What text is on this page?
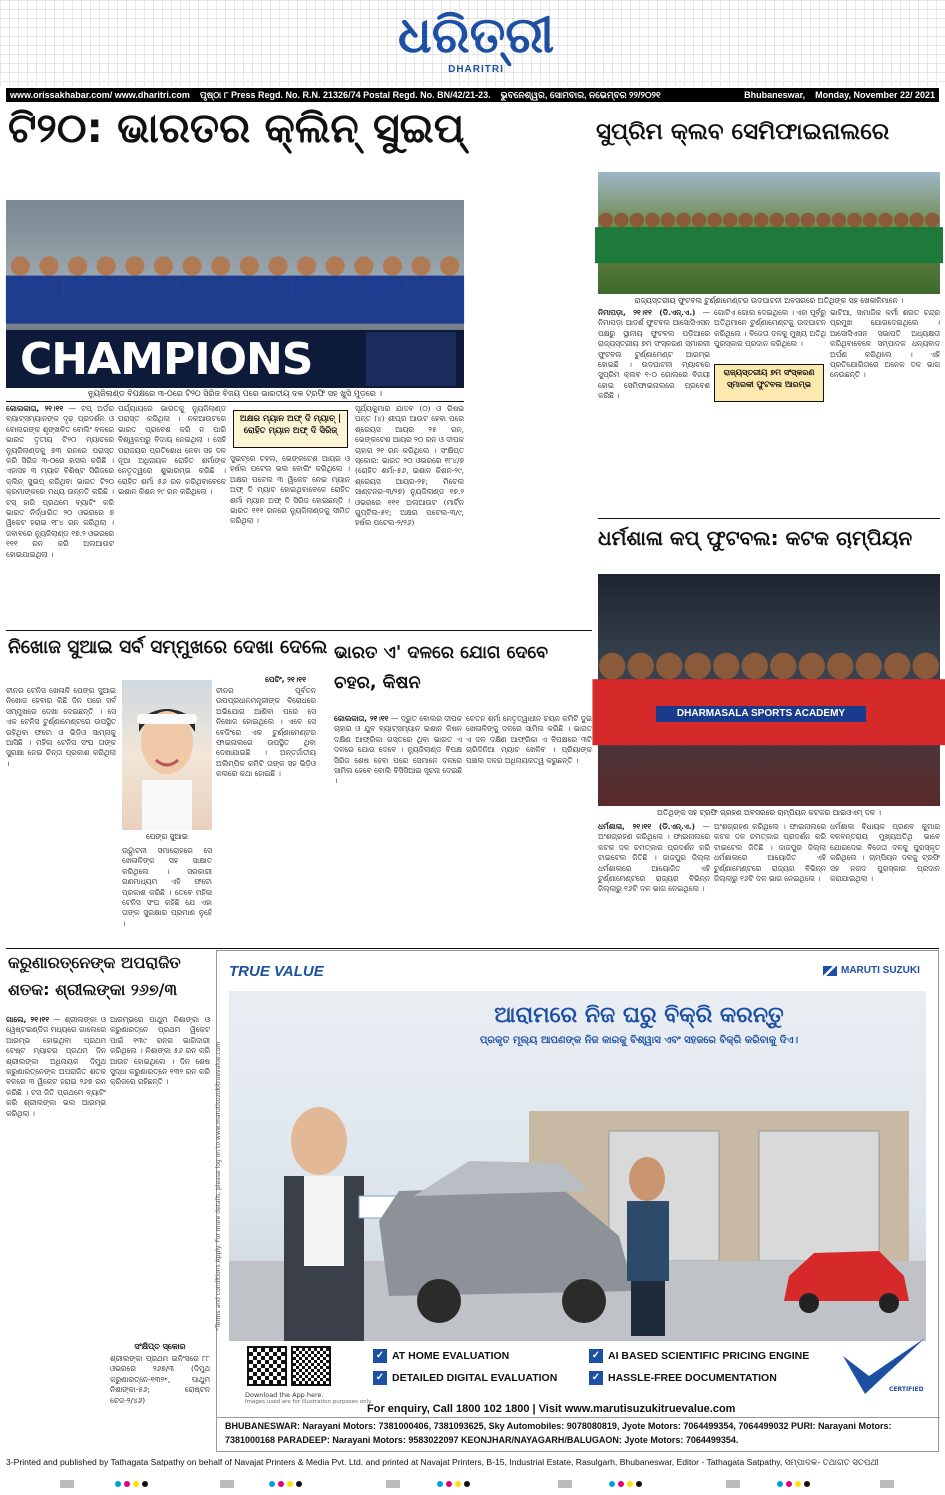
ଧରିତ୍ରୀ
DHARITRI
www.orissakhabar.com/ www.dharitri.com ପୃଷ୍ଠା ୮ Press Regd. No. R.N. 21326/74 Postal Regd. No. BN/42/21-23. ଭୁବନେଶ୍ୱର, ସୋମବାର, ନଭେମ୍ବର ୨୨/୨୦୨୧	Bhubaneswar, Monday, November 22/ 2021
ଟି୨୦: ଭାରତର କ୍ଲିନ୍ ସୁଇପ୍
CHAMPIONS
ନ୍ୟୁଜିଲାଣ୍ଡ ବିପକ୍ଷରେ ୩-୦ରେ ଟି୨୦ ସିରିଜ ବିଜୟ ପରେ ଭାରତୀୟ ଦଳ ଟ୍ରଫି ସହ ଖୁସି ମୁଡ଼ରେ ।
କୋଲକାତା, ୨୧।୧୧ — ଟପ୍ ଅର୍ଡର ବ୍ୟାଟ୍ସମ୍ୟାନଙ୍କ ଦୃଢ଼ ପ୍ରଦର୍ଶନ ଓ ବୋଲରଙ୍କ ଶୃଙ୍ଖଳିତ ବୋଲିଂ ବଳରେ ଭାରତ ତୃତୀୟ ଟି୨୦ ମ୍ୟାଚରେ ନ୍ୟୁଜିଲାଣ୍ଡକୁ ୭୩ ରନରେ ପରାସ୍ତ କରି ସିରିଜ ୩-୦ରେ ହାସଲ କରିଛି । ଏହାସହ ୩ ମ୍ୟାଚ ବିଶିଷ୍ଟ ସିରିଜରେ କ୍ଲିନ୍ ସୁଇପ୍ କରିଥିବା ଭାରତ ଟି୨୦ କ୍ରମାଙ୍କରେ ମଧ୍ୟ ଉନ୍ନତି କରିଛି । ଟସ୍ ହାରି ପ୍ରଥମେ ବ୍ୟାଟିଂ କରି ଭାରତ ନିର୍ଦ୍ଧାରିତ ୨୦ ଓଭରରେ ୭ ୱିକେଟ ହରାଇ ୧୮୪ ରନ କରିଥିଲା । ଜବାବରେ ନ୍ୟୁଜିଲାଣ୍ଡ ୧୭.୨ ଓଭରରେ ୧୧୧ ରନ କରି ଅଲଆଉଟ ହୋଇଯାଇଥିଲା ।
ପର୍ଯ୍ୟାୟରେ ଭାରତକୁ ନ୍ୟୁଜିଲାଣ୍ଡ ପରାସ୍ତ କରିଥିଲା । ନକଆଉଟରେ ଭାରତ ପ୍ରବେଶ କରି ନ ପାରି ବିଶ୍ୱକପରୁ ବିଦାୟ ନେଇଥିଲା । ସେହି ପରାଜୟର ପ୍ରତିଶୋଧ ନେବା ସହ ଦଳ ନୂଆ ଅଧିନାୟକ ରୋହିତ ଶର୍ମାଙ୍କ ନେତୃତ୍ୱରେ ଶୁଭାରମ୍ଭ କରିଛି । ରୋହିତ ଶର୍ମା ୫୬ ରନ କରିଥିବାବେଳେ ଇଶାନ କିଶନ ୨୯ ରନ କରିଥିଲେ ।
ଅକ୍ଷର ମ୍ୟାନ ଅଫ୍ ଦି ମ୍ୟାଚ୍ | ରୋହିତ ମ୍ୟାନ ଅଫ୍ ଦି ସିରିଜ୍
ସୁଇଟ୍ରେ ଚହଲ, ଭେଙ୍କଟେଶ ଆୟର ଓ ହର୍ଷଲ ପଟେଲ ଭଲ ବୋଲିଂ କରିଥିଲେ । ଅକ୍ଷର ପଟେଲ ୩ ୱିକେଟ ନେଇ ମ୍ୟାନ ଅଫ୍ ଦି ମ୍ୟାଚ ହୋଇଥିବାବେଳେ ରୋହିତ ଶର୍ମା ମ୍ୟାନ ଅଫ୍ ଦି ସିରିଜ ହୋଇଛନ୍ତି । ଭାରତ ୧୧୧ ରନରେ ନ୍ୟୁଜିଲାଣ୍ଡକୁ ସୀମିତ କରିଥିଲା ।
ସୂର୍ଯ୍ୟକୁମାର ଯାଦବ (୦) ଓ ରିଷଭ ପନ୍ତ (୪) ଶୀଘ୍ର ଆଉଟ ହେବା ପରେ ଶ୍ରେୟସ ଆୟର ୨୫ ରନ, ଭେଙ୍କଟେଶ ଆୟର ୨୦ ରନ ଓ ଦୀପକ ଚାହାର ୨୧ ରନ କରିଥିଲେ । ସଂକ୍ଷିପ୍ତ ସ୍କୋର: ଭାରତ ୨୦ ଓଭରରେ ୧୮୪/୭ (ରୋହିତ ଶର୍ମା-୫୬, ଇଶାନ କିଶନ-୨୯, ଶ୍ରେୟସ ଆୟର-୨୫; ମିଚେଲ ସାଣ୍ଟନର-୩/୨୭) ନ୍ୟୁଜିଲାଣ୍ଡ ୧୭.୨ ଓଭରରେ ୧୧୧ ଅଲଆଉଟ (ମାର୍ଟିନ ଗୁପ୍ଟିଲ-୫୧; ଅକ୍ଷର ପଟେଲ-୩/୯, ହର୍ଷଲ ପଟେଲ-୨/୨୬)
ସୁପ୍ରିମ କ୍ଲବ ସେମିଫାଇନାଲରେ
ରାଜ୍ୟସ୍ତରୀୟ ଫୁଟବଲ ଟୁର୍ଣ୍ଣାମେଣ୍ଟର ଉଦଘାଟନୀ ଅବସରରେ ଅତିଥିଙ୍କ ସହ ଖେଳାଳିମାନେ ।
ନିମାପଡ଼ା, ୨୧।୧୧ (ଡି.ଏନ୍.ଏ.) — ନିମାପଡ଼ା ଆଦର୍ଶ ଫୁଟବଲ ଆସୋସିଏସନ ପକ୍ଷରୁ ସ୍ଥାନୀୟ ଫୁଟବଲ ପଡ଼ିଆରେ ରାଜ୍ୟସ୍ତରୀୟ ୭ମ ସଂସ୍କରଣ ସ୍ମାରକୀ ଫୁଟବଲ ଟୁର୍ଣ୍ଣାମେଣ୍ଟ ଆରମ୍ଭ ହୋଇଛି । ଉଦଘାଟନୀ ମ୍ୟାଚରେ ସୁପ୍ରିମ କ୍ଲବ ୧-୦ ଗୋଲରେ ବିଜୟୀ ହୋଇ ସେମିଫାଇନାଲରେ ପ୍ରବେଶ କରିଛି ।
ଗୋଟିଏ ଗୋଲ ଦେଇଥିଲେ । ଏହା ପୂର୍ବରୁ ଅତିଥିମାନେ ଟୁର୍ଣ୍ଣାମେଣ୍ଟକୁ ଉଦଘାଟନ କରିଥିଲେ । ବିଜେତା ଦଳକୁ ମୁଖ୍ୟ ଅତିଥି ପୁରସ୍କାର ପ୍ରଦାନ କରିଥିଲେ ।
ରାଜ୍ୟସ୍ତରୀୟ ୭ମ ସଂସ୍କରଣ ସ୍ମାରକୀ ଫୁଟବଲ ଆରମ୍ଭ
ଭାଟିଆ, ସାମାଜିକ କର୍ମୀ ଶରତ ଚନ୍ଦ୍ର ପ୍ରମୁଖ ଯୋଗଦେଇଥିଲେ । ଆସୋସିଏସନ ସଭାପତି ଅଧ୍ୟକ୍ଷତା କରିଥିବାବେଳେ ସମ୍ପାଦକ ଧନ୍ୟବାଦ ଅର୍ପଣ କରିଥିଲେ । ଏହି ପ୍ରତିଯୋଗିତାରେ ଅନେକ ଦଳ ଭାଗ ନେଉଛନ୍ତି ।
ଧର୍ମଶାଳା କପ୍ ଫୁଟବଲ: କଟକ ଚାମ୍ପିୟନ
DHARMASALA SPORTS ACADEMY
ଅତିଥିଙ୍କ ସହ ଟ୍ରଫି ଗ୍ରହଣ ଅବସରରେ ଚାମ୍ପିୟନ କଟକର ଆଇଓଏମ୍ ଦଳ ।
ଧର୍ମଶାଳା, ୨୧।୧୧ (ଡି.ଏନ୍.ଏ.) — ଅଂଶଗ୍ରହଣ କରିଥିଲେ । ଫାଇନାଲରେ କଟକ ଦଳ ଚମତ୍କାର ପ୍ରଦର୍ଶନ କରି ଟାଇଟେଲ ଜିତିଛି । ଜାଜପୁର ଜିଲ୍ଲା ଧର୍ମଶାଳାରେ ଆୟୋଜିତ ଏହି ଟୁର୍ଣ୍ଣାମେଣ୍ଟରେ ରାଜ୍ୟର ବିଭିନ୍ନ ଜିଲ୍ଲାରୁ ୧୬ଟି ଦଳ ଭାଗ ନେଇଥିଲେ ।
ଅଂଶଗ୍ରହଣ କରିଥିଲେ । ଫାଇନାଲରେ କଟକ ଦଳ ଚମତ୍କାର ପ୍ରଦର୍ଶନ କରି ଟାଇଟେଲ ଜିତିଛି । ଜାଜପୁର ଜିଲ୍ଲା ଧର୍ମଶାଳାରେ ଆୟୋଜିତ ଏହି ଟୁର୍ଣ୍ଣାମେଣ୍ଟରେ ରାଜ୍ୟର ବିଭିନ୍ନ ଜିଲ୍ଲାରୁ ୧୬ଟି ଦଳ ଭାଗ ନେଇଥିଲେ ।
ଧର୍ମଶାଳା ବିଧାୟକ ପ୍ରଣବ କୁମାର ବଳବନ୍ତରାୟ ମୁଖ୍ୟଅତିଥି ଭାବେ ଯୋଗଦେଇ ବିଜେତା ଦଳକୁ ପୁରସ୍କୃତ କରିଥିଲେ । ଚାମ୍ପିୟନ ଦଳକୁ ଟ୍ରଫି ସହ ନଗଦ ପୁରସ୍କାର ପ୍ରଦାନ କରାଯାଇଥିଲା ।
ନିଖୋଜ ସୁଆଇ ସର୍ବ ସମ୍ମୁଖରେ ଦେଖା ଦେଲେ
ପେଚିଂ, ୨୧।୧୧
ଚୀନର ଟେନିସ ଖେଳାଳି ପେଙ୍ଗ ସୁଆଇ ନିଖୋଜ ହେବାର କିଛି ଦିନ ପରେ ସର୍ବ ସମ୍ମୁଖରେ ଦେଖା ଦେଇଛନ୍ତି । ସେ ଏକ ଟେନିସ ଟୁର୍ଣ୍ଣାମେଣ୍ଟରେ ଉପସ୍ଥିତ ରହିଥିବା ଫଟୋ ଓ ଭିଡ଼ିଓ ସାମ୍ନାକୁ ଆସିଛି । ମହିଳା ଟେନିସ ସଂଘ ତାଙ୍କ ସୁରକ୍ଷା ନେଇ ଚିନ୍ତା ପ୍ରକାଶ କରିଥିଲା ।
ପେଙ୍ଗ ସୁଆଇ
ଉଦ୍ଘାଟନୀ ସମାରୋହରେ ସେ ଖେଳାଳିଙ୍କ ସହ ସାକ୍ଷାତ କରିଥିଲେ । ସରକାରୀ ଗଣମାଧ୍ୟମ ଏହି ଫଟୋ ପ୍ରକାଶ କରିଛି । ତେବେ ମହିଳା ଟେନିସ ସଂଘ କହିଛି ଯେ ଏହା ତାଙ୍କ ସୁରକ୍ଷାର ପ୍ରମାଣ ନୁହେଁ ।
ଚୀନର ପୂର୍ବତନ ଉପପ୍ରଧାନମନ୍ତ୍ରୀଙ୍କ ବିରୋଧରେ ଅଭିଯୋଗ ଆଣିବା ପରେ ସେ ନିଖୋଜ ହୋଇଥିଲେ । ଏବେ ସେ ବେଜିଂରେ ଏକ ଟୁର୍ଣ୍ଣାମେଣ୍ଟର ଫାଇନାଲରେ ଉପସ୍ଥିତ ଥିବା ଦେଖାଯାଇଛି । ଅନ୍ତର୍ଜାତୀୟ ଅଲିମ୍ପିକ କମିଟି ତାଙ୍କ ସହ ଭିଡ଼ିଓ କଲରେ କଥା ହୋଇଛି ।
ଭାରତ ଏ' ଦଳରେ ଯୋଗ ଦେବେ ଚହର, କିଷନ
କୋଲକାତା, ୨୧।୧୧ — ଦ୍ରୁତ ବୋଲର ଦୀପକ ଚାହାର ଓ ଯୁବ ବ୍ୟାଟ୍ସମ୍ୟାନ ଇଶାନ କିଷନ ଦକ୍ଷିଣ ଆଫ୍ରିକା ଗସ୍ତରେ ଥିବା ଭାରତ ଏ ଦଳରେ ଯୋଗ ଦେବେ । ନ୍ୟୁଜିଲାଣ୍ଡ ବିପକ୍ଷ ସିରିଜ ଶେଷ ହେବା ପରେ ସେମାନେ ଦଳରେ ସାମିଲ ହେବେ ବୋଲି ବିସିସିଆଇ ସୂଚନା ଦେଇଛି ।
ଚେତନ ଶର୍ମା ନେତୃତ୍ୱାଧୀନ ଚୟନ କମିଟି ଦୁଇ ଖେଳାଳିଙ୍କୁ ଦଳରେ ସାମିଲ କରିଛି । ଭାରତ ଏ ଦଳ ଦକ୍ଷିଣ ଆଫ୍ରିକା ଏ ବିପକ୍ଷରେ ୩ଟି ଚାରିଦିନିଆ ମ୍ୟାଚ ଖେଳିବ । ପ୍ରିୟାଙ୍କ ପଞ୍ଚାଲ ଦଳର ଅଧିନାୟକତ୍ୱ କରୁଛନ୍ତି ।
କରୁଣାରତ୍ନେଙ୍କ ଅପରାଜିତ
ଶତକ: ଶ୍ରୀଲଙ୍କା ୨୬୭/୩
ଗାଲେ, ୨୧।୧୧ — ଶ୍ରୀଲଙ୍କା ଓ ୱେଷ୍ଟଇଣ୍ଡିଜ ମଧ୍ୟରେ ଗାଲେରେ ଆରମ୍ଭ ହୋଇଥିବା ପ୍ରଥମ ଟେଷ୍ଟ ମ୍ୟାଚର ପ୍ରଥମ ଦିନ ଶ୍ରୀଲଙ୍କା ଅଧିନାୟକ ଦିମୁଥ କରୁଣାରତ୍ନେଙ୍କ ଅପରାଜିତ ଶତକ ବଳରେ ୩ ୱିକେଟ ହରାଇ ୨୬୭ ରନ କରିଛି । ଟସ ଜିତି ପ୍ରଥମେ ବ୍ୟାଟିଂ କରି ଶ୍ରୀଲଙ୍କା ଭଲ ଆରମ୍ଭ କରିଥିଲା ।
ଆରମ୍ଭରେ ପାଥୁମ ନିଶାଙ୍କା ଓ କରୁଣାରତ୍ନେ ପ୍ରଥମ ୱିକେଟ ପାଇଁ ୧୩୯ ରନର ଭାଗିଦାରୀ କରିଥିଲେ । ନିଶାଙ୍କା ୫୬ ରନ କରି ଆଉଟ ହୋଇଥିଲେ । ଦିନ ଶେଷ ସୁଦ୍ଧା କରୁଣାରତ୍ନେ ୧୩୨ ରନ କରି କ୍ରିଜରେ ରହିଛନ୍ତି ।
ସଂକ୍ଷିପ୍ତ ସ୍କୋର
ଶ୍ରୀଲଙ୍କା ପ୍ରଥମ ଇନିଂସରେ ୮୮ ଓଭରରେ ୨୬୭/୩ (ଦିମୁଥ କରୁଣାରତ୍ନେ-୧୩୨*, ପାଥୁମ ନିଶାଙ୍କା-୫୬; ରୋଷ୍ଟନ ଚେଜ-୨/୪୬)
TRUE VALUE	MARUTI SUZUKI
ଆରାମରେ ନିଜ ଘରୁ ବିକ୍ରି କରନ୍ତୁ
ପ୍ରକୃତ ମୂଲ୍ୟ ଆପଣଙ୍କ ନିଜ କାରକୁ ବିଶ୍ୱାସ ଏବଂ ସହଜରେ ବିକ୍ରି କରିବାକୁ ଦିଏ।
*Terms and conditions Apply. For more details, please log on to www.marutisuzukitruevalue.com
Download the App here.
Images used are for illustration purposes only
✓ AT HOME EVALUATION	✓ AI BASED SCIENTIFIC PRICING ENGINE
✓ DETAILED DIGITAL EVALUATION	✓ HASSLE-FREE DOCUMENTATION
CERTIFIED
For enquiry, Call 1800 102 1800 | Visit www.marutisuzukitruevalue.com
BHUBANESWAR: Narayani Motors: 7381000406, 7381093625, Sky Automobiles: 9078080819, Jyote Motors: 7064499354, 7064499032 PURI: Narayani Motors:
7381000168 PARADEEP: Narayani Motors: 9583022097 KEONJHAR/NAYAGARH/BALUGAON: Jyote Motors: 7064499354.
3-Printed and published by Tathagata Satpathy on behalf of Navajat Printers & Media Pvt. Ltd. and printed at Navajat Printers, B-15, Industrial Estate, Rasulgarh, Bhubaneswar, Editor - Tathagata Satpathy, ସମ୍ପାଦକ- ତଥାଗତ ସତପଥୀ
